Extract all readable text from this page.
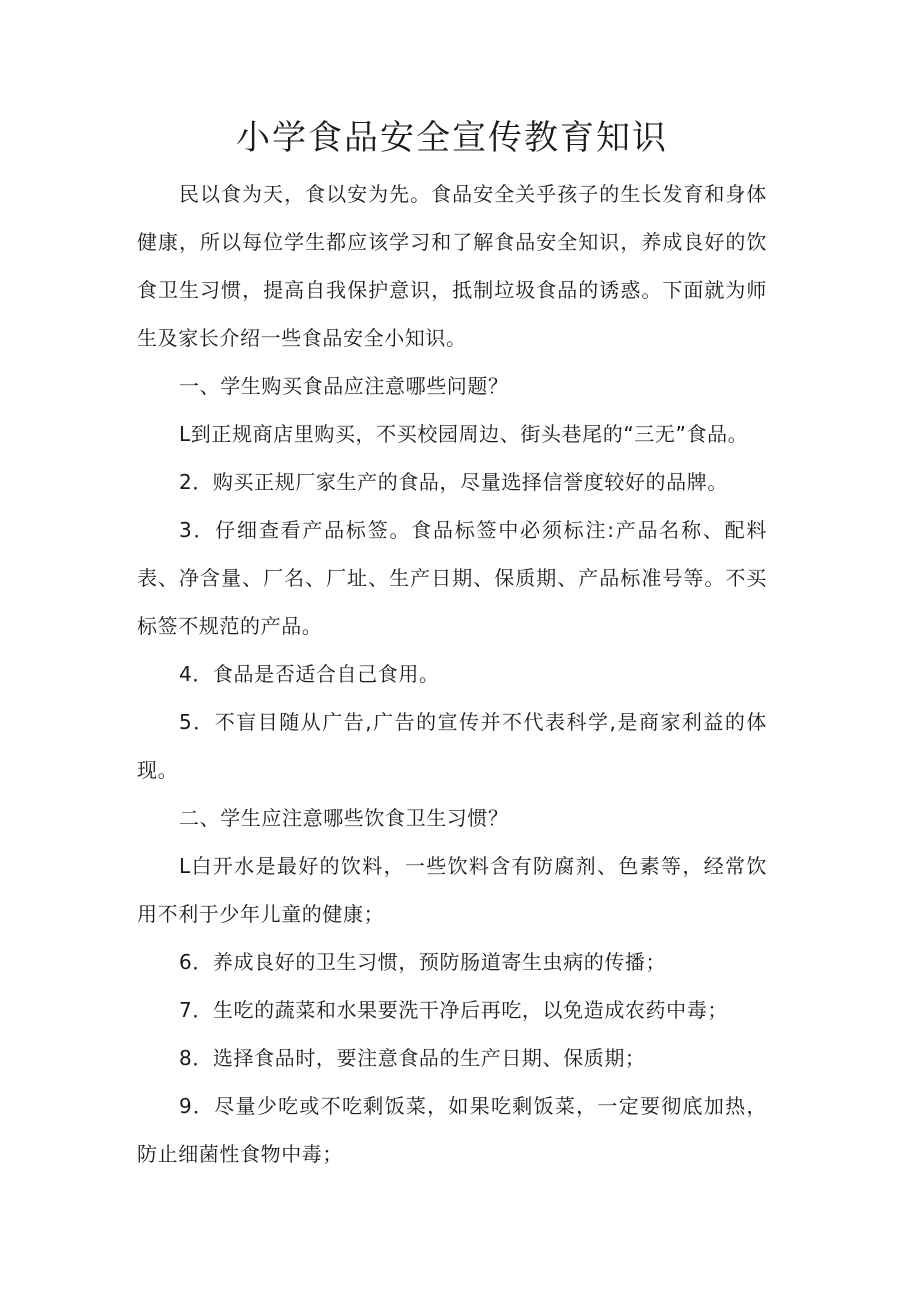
小学食品安全宣传教育知识

民以食为天，食以安为先。食品安全关乎孩子的生长发育和身体健康，所以每位学生都应该学习和了解食品安全知识，养成良好的饮食卫生习惯，提高自我保护意识，抵制垃圾食品的诱惑。下面就为师生及家长介绍一些食品安全小知识。

一、学生购买食品应注意哪些问题？

L到正规商店里购买，不买校园周边、街头巷尾的“三无”食品。

2．购买正规厂家生产的食品，尽量选择信誉度较好的品牌。

3．仔细查看产品标签。食品标签中必须标注:产品名称、配料表、净含量、厂名、厂址、生产日期、保质期、产品标准号等。不买标签不规范的产品。

4．食品是否适合自己食用。

5．不盲目随从广告,广告的宣传并不代表科学,是商家利益的体现。

二、学生应注意哪些饮食卫生习惯？

L白开水是最好的饮料，一些饮料含有防腐剂、色素等，经常饮用不利于少年儿童的健康；

6．养成良好的卫生习惯，预防肠道寄生虫病的传播；

7．生吃的蔬菜和水果要洗干净后再吃，以免造成农药中毒；

8．选择食品时，要注意食品的生产日期、保质期；

9．尽量少吃或不吃剩饭菜，如果吃剩饭菜，一定要彻底加热，防止细菌性食物中毒；
